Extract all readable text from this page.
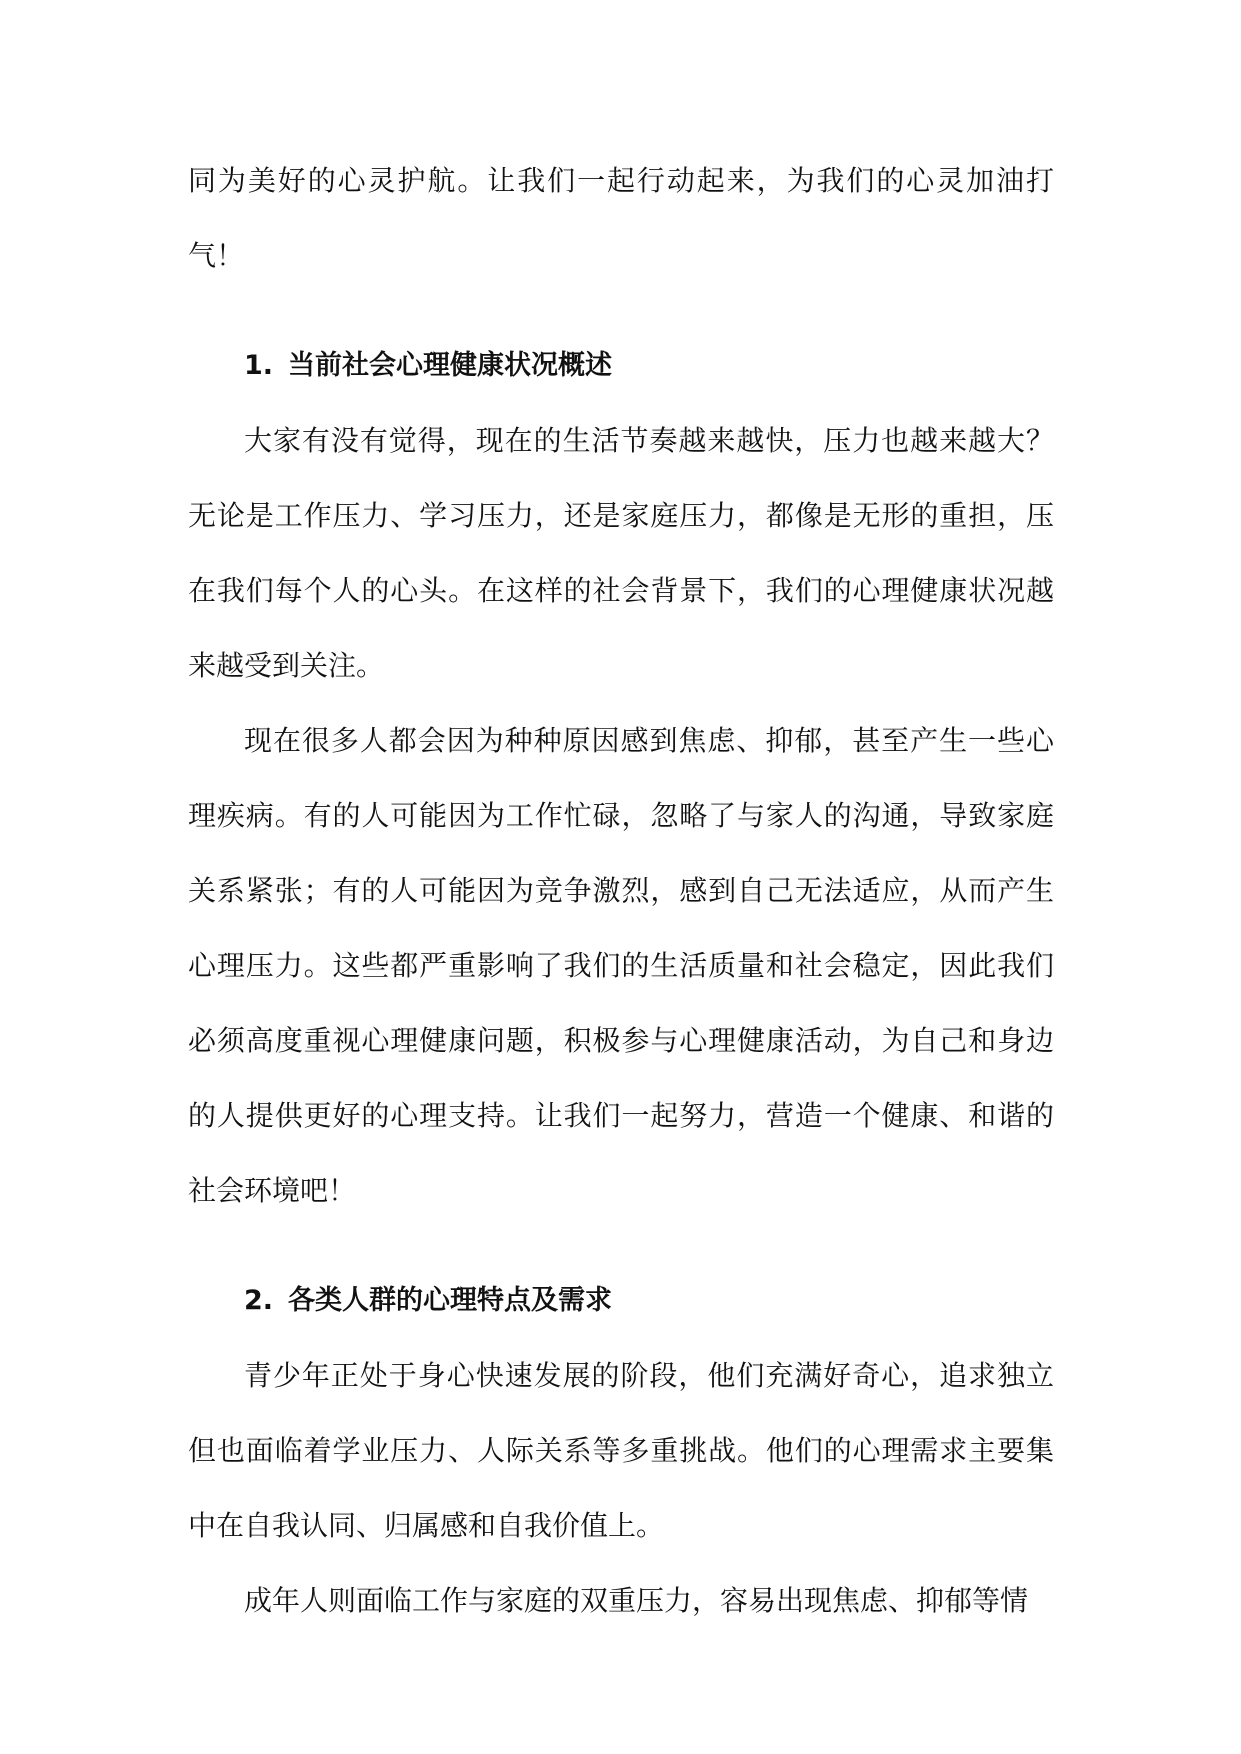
同为美好的心灵护航。让我们一起行动起来，为我们的心灵加油打气！

1. 当前社会心理健康状况概述

大家有没有觉得，现在的生活节奏越来越快，压力也越来越大？无论是工作压力、学习压力，还是家庭压力，都像是无形的重担，压在我们每个人的心头。在这样的社会背景下，我们的心理健康状况越来越受到关注。

现在很多人都会因为种种原因感到焦虑、抑郁，甚至产生一些心理疾病。有的人可能因为工作忙碌，忽略了与家人的沟通，导致家庭关系紧张；有的人可能因为竞争激烈，感到自己无法适应，从而产生心理压力。这些都严重影响了我们的生活质量和社会稳定，因此我们必须高度重视心理健康问题，积极参与心理健康活动，为自己和身边的人提供更好的心理支持。让我们一起努力，营造一个健康、和谐的社会环境吧！

2. 各类人群的心理特点及需求

青少年正处于身心快速发展的阶段，他们充满好奇心，追求独立但也面临着学业压力、人际关系等多重挑战。他们的心理需求主要集中在自我认同、归属感和自我价值上。

成年人则面临工作与家庭的双重压力，容易出现焦虑、抑郁等情
